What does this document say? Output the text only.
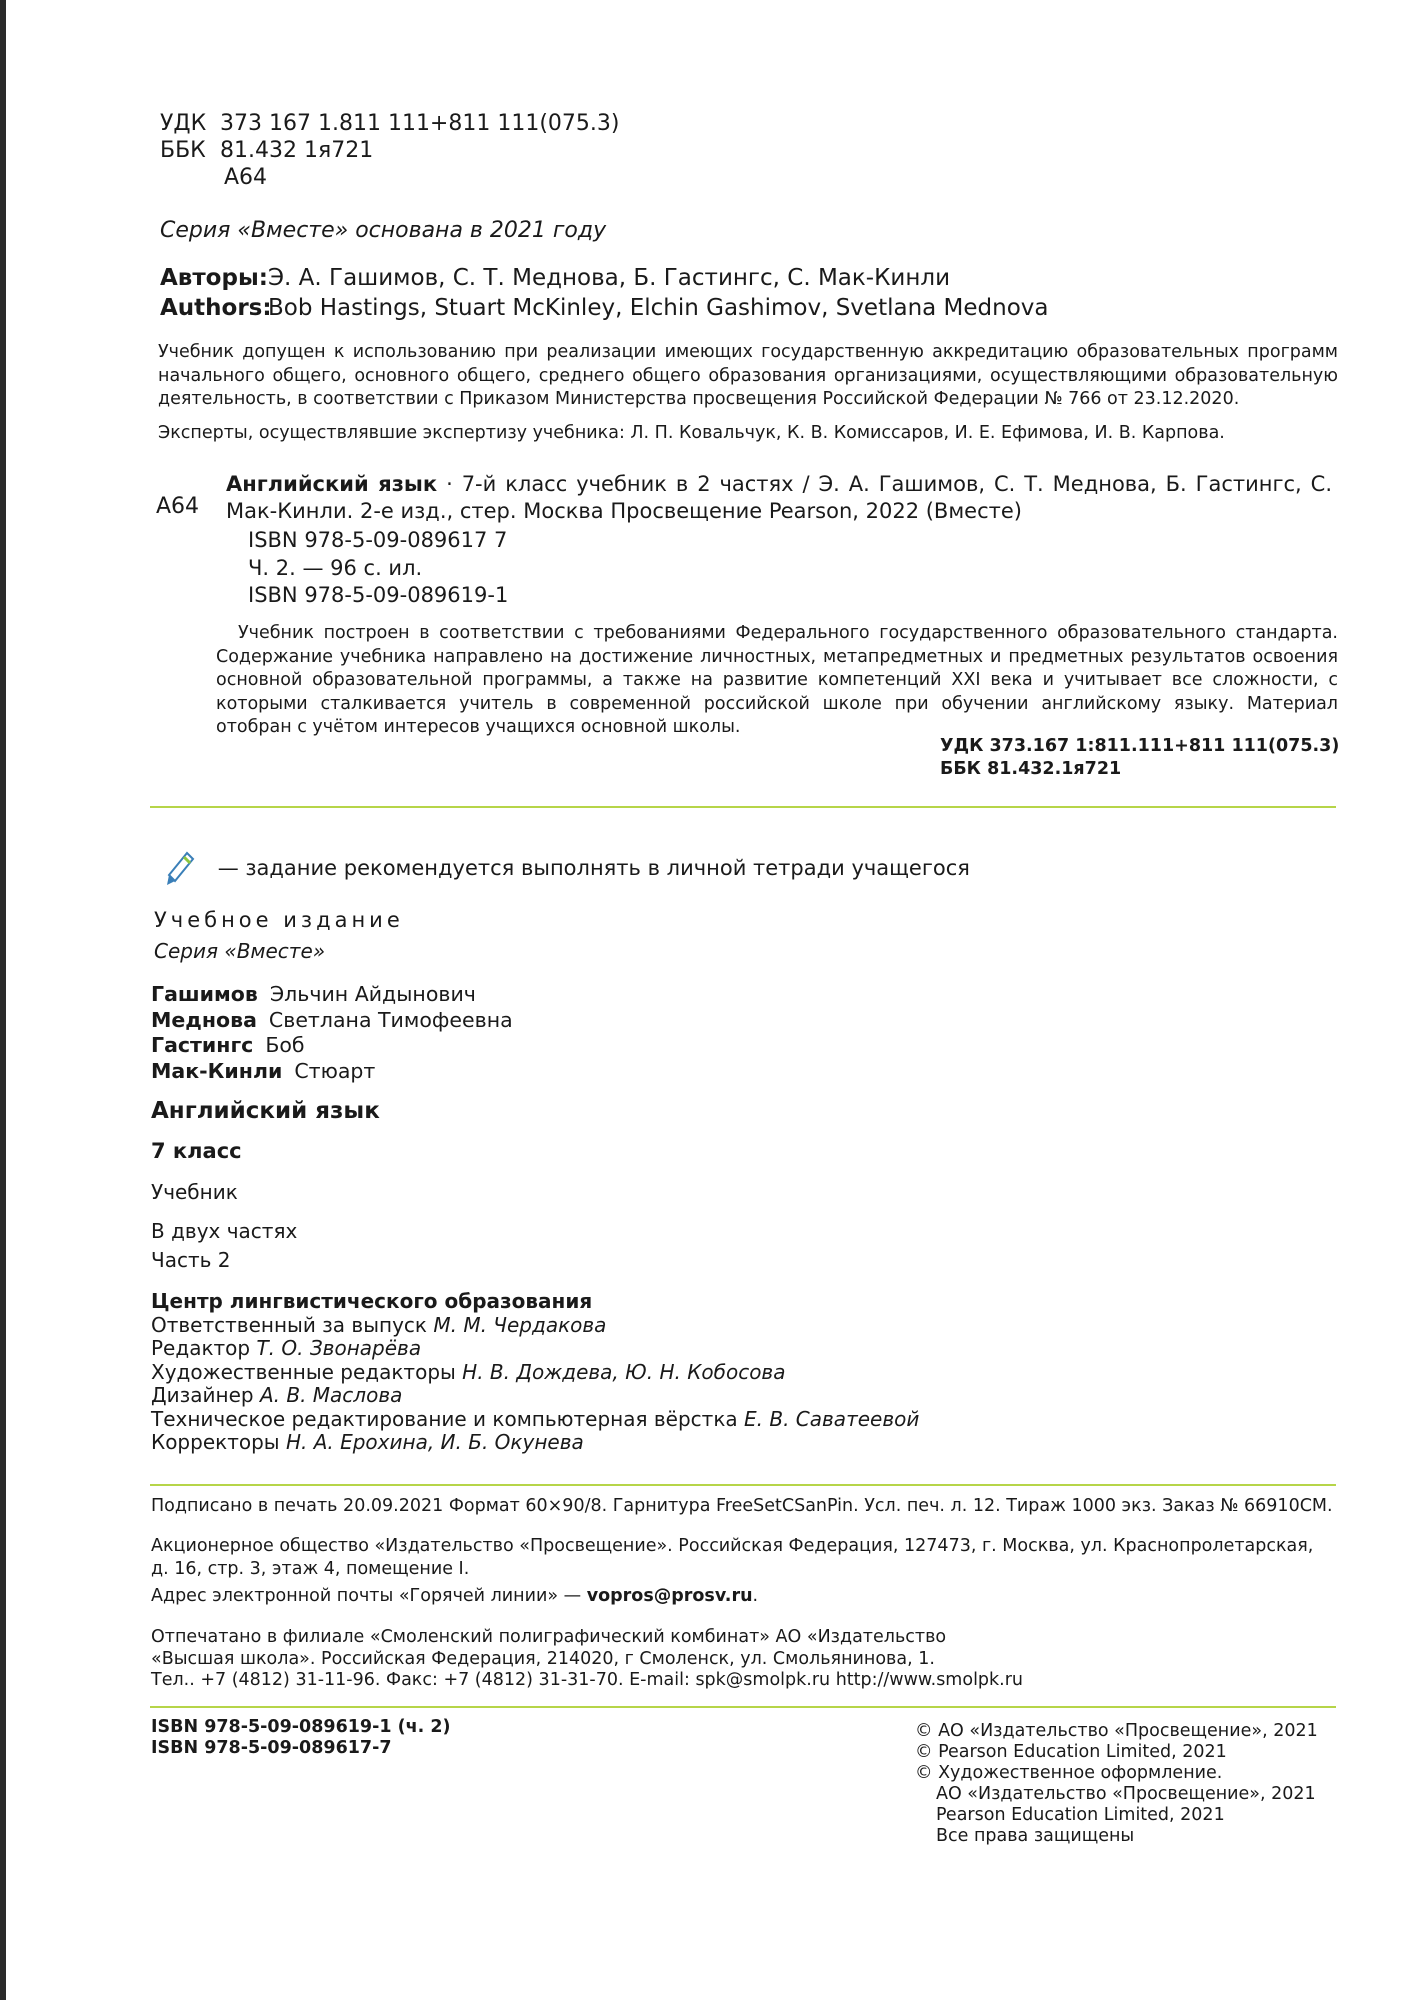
УДК 373 167 1.811 111+811 111(075.3)
ББК 81.432 1я721
А64
Серия «Вместе» основана в 2021 году
Авторы:Э. А. Гашимов, С. Т. Меднова, Б. Гастингс, С. Мак-Кинли
Authors:Bob Hastings, Stuart McKinley, Elchin Gashimov, Svetlana Mednova
Учебник допущен к использованию при реализации имеющих государственную аккредитацию образовательных программ начального общего, основного общего, среднего общего образования организациями, осуществляющими образовательную деятельность, в соответствии с Приказом Министерства просвещения Российской Федерации № 766 от 23.12.2020.
Эксперты, осуществлявшие экспертизу учебника: Л. П. Ковальчук, К. В. Комиссаров, И. Е. Ефимова, И. В. Карпова.
А64
Английский язык · 7-й класс учебник в 2 частях / Э. А. Гашимов, С. Т. Меднова, Б. Гастингс, С. Мак-Кинли. 2-е изд., стер. Москва Просвещение Pearson, 2022 (Вместе)
ISBN 978-5-09-089617 7
Ч. 2. — 96 с. ил.
ISBN 978-5-09-089619-1
Учебник построен в соответствии с требованиями Федерального государственного образовательного стандарта. Содержание учебника направлено на достижение личностных, метапредметных и предметных результатов освоения основной образовательной программы, а также на развитие компетенций XXI века и учитывает все сложности, с которыми сталкивается учитель в современной российской школе при обучении английскому языку. Материал отобран с учётом интересов учащихся основной школы.
УДК 373.167 1:811.111+811 111(075.3)
ББК 81.432.1я721
— задание рекомендуется выполнять в личной тетради учащегося
Учебное издание
Серия «Вместе»
Гашимов Эльчин Айдынович
Меднова Светлана Тимофеевна
Гастингс Боб
Мак-Кинли Стюарт
Английский язык
7 класс
Учебник
В двух частях
Часть 2
Центр лингвистического образования
Ответственный за выпуск М. М. Чердакова
Редактор Т. О. Звонарёва
Художественные редакторы Н. В. Дождева, Ю. Н. Кобосова
Дизайнер А. В. Маслова
Техническое редактирование и компьютерная вёрстка Е. В. Саватеевой
Корректоры Н. А. Ерохина, И. Б. Окунева
Подписано в печать 20.09.2021 Формат 60×90/8. Гарнитура FreeSetCSanPin. Усл. печ. л. 12. Тираж 1000 экз. Заказ № 66910СМ.
Акционерное общество «Издательство «Просвещение». Российская Федерация, 127473, г. Москва, ул. Краснопролетарская, д. 16, стр. 3, этаж 4, помещение I.
Адрес электронной почты «Горячей линии» — vopros@prosv.ru.
Отпечатано в филиале «Смоленский полиграфический комбинат» АО «Издательство
«Высшая школа». Российская Федерация, 214020, г Смоленск, ул. Смольянинова, 1.
Тел.. +7 (4812) 31-11-96. Факс: +7 (4812) 31-31-70. E-mail: spk@smolpk.ru http://www.smolpk.ru
ISBN 978-5-09-089619-1 (ч. 2)
ISBN 978-5-09-089617-7
© АО «Издательство «Просвещение», 2021
© Pearson Education Limited, 2021
© Художественное оформление.
АО «Издательство «Просвещение», 2021
Pearson Education Limited, 2021
Все права защищены
